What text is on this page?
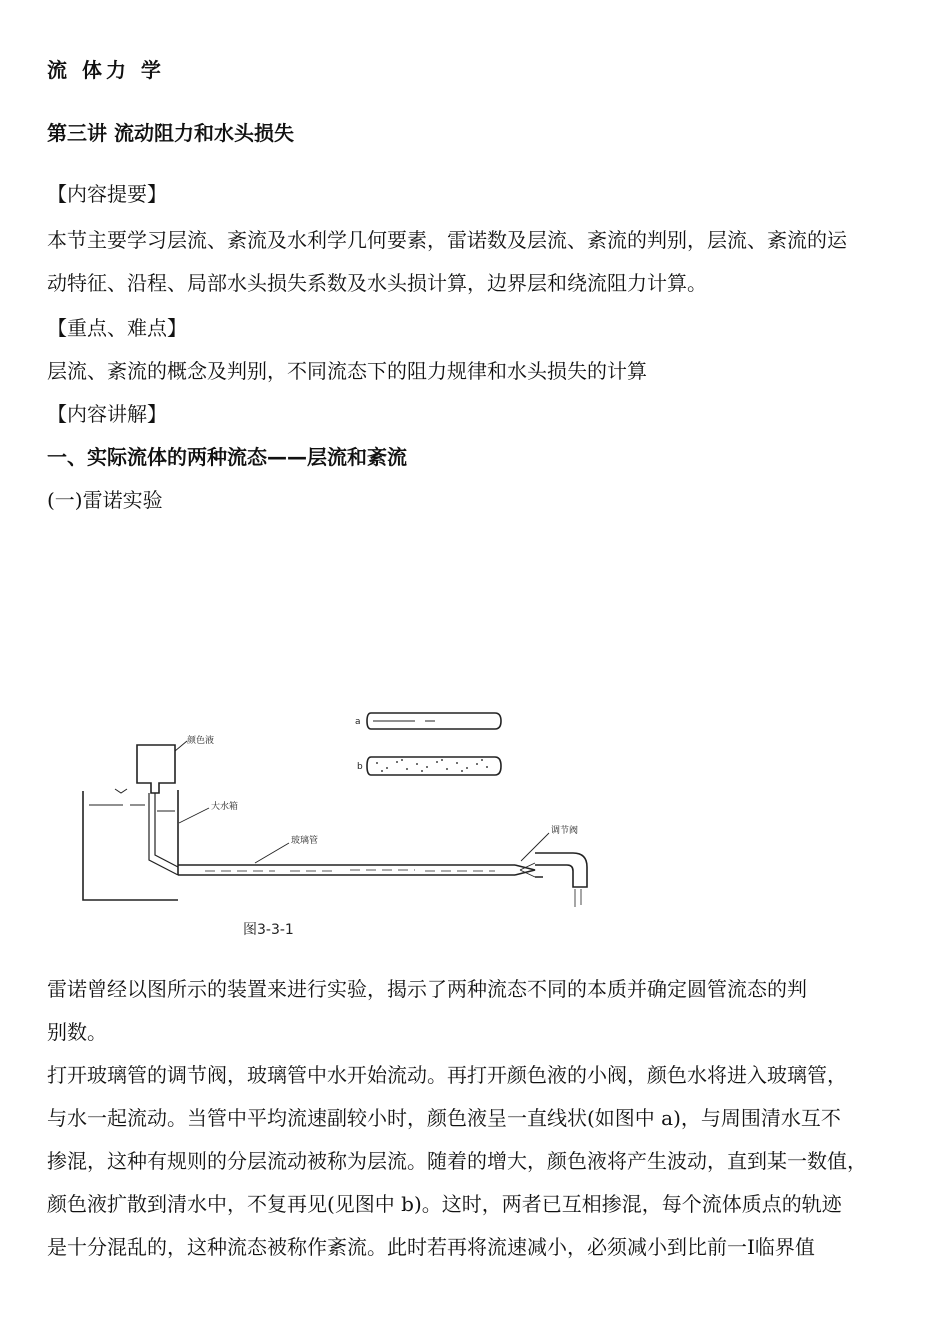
流 体力 学
第三讲 流动阻力和水头损失
【内容提要】
本节主要学习层流、紊流及水利学几何要素，雷诺数及层流、紊流的判别，层流、紊流的运
动特征、沿程、局部水头损失系数及水头损计算，边界层和绕流阻力计算。
【重点、难点】
层流、紊流的概念及判别，不同流态下的阻力规律和水头损失的计算
【内容讲解】
一、实际流体的两种流态——层流和紊流
(一)雷诺实验
颜色液
大水箱
玻璃管
调节阀
a
b
图3-3-1
雷诺曾经以图所示的装置来进行实验，揭示了两种流态不同的本质并确定圆管流态的判
别数。
打开玻璃管的调节阀，玻璃管中水开始流动。再打开颜色液的小阀，颜色水将进入玻璃管，
与水一起流动。当管中平均流速副较小时，颜色液呈一直线状(如图中 a)，与周围清水互不
掺混，这种有规则的分层流动被称为层流。随着的增大，颜色液将产生波动，直到某一数值，
颜色液扩散到清水中，不复再见(见图中 b)。这时，两者已互相掺混，每个流体质点的轨迹
是十分混乱的，这种流态被称作紊流。此时若再将流速减小，必须减小到比前一Ⅰ临界值
